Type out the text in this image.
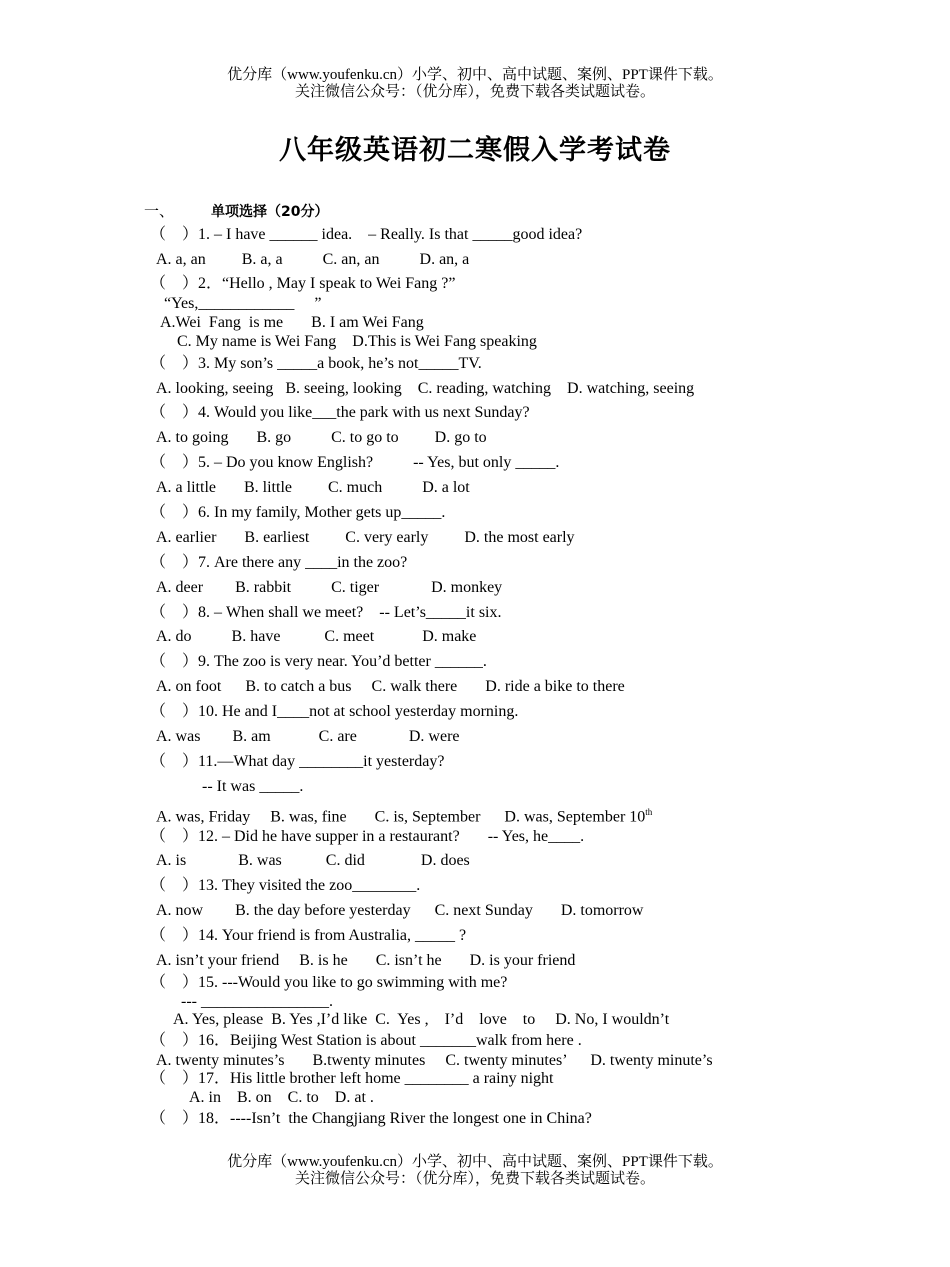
优分库（www.youfenku.cn）小学、初中、高中试题、案例、PPT课件下载。
关注微信公众号：（优分库），免费下载各类试题试卷。
八年级英语初二寒假入学考试卷
一、	单项选择（20分）
（    ）1. – I have ______ idea.    – Really. Is that _____good idea?
A. a, an         B. a, a          C. an, an          D. an, a
（    ）2．“Hello , May I speak to Wei Fang ?”
“Yes,____________     ”
A.Wei  Fang  is me       B. I am Wei Fang
C. My name is Wei Fang    D.This is Wei Fang speaking
（    ）3. My son’s _____a book, he’s not_____TV.
A. looking, seeing   B. seeing, looking    C. reading, watching    D. watching, seeing
（    ）4. Would you like___the park with us next Sunday?
A. to going       B. go          C. to go to         D. go to
（    ）5. – Do you know English?          -- Yes, but only _____.
A. a little       B. little         C. much          D. a lot
（    ）6. In my family, Mother gets up_____.
A. earlier       B. earliest         C. very early         D. the most early
（    ）7. Are there any ____in the zoo?
A. deer        B. rabbit          C. tiger             D. monkey
（    ）8. – When shall we meet?    -- Let’s_____it six.
A. do          B. have           C. meet            D. make
（    ）9. The zoo is very near. You’d better ______.
A. on foot      B. to catch a bus     C. walk there       D. ride a bike to there
（    ）10. He and I____not at school yesterday morning.
A. was        B. am            C. are             D. were
（    ）11.—What day ________it yesterday?
-- It was _____.
A. was, Friday     B. was, fine       C. is, September      D. was, September 10th
（    ）12. – Did he have supper in a restaurant?       -- Yes, he____.
A. is             B. was           C. did              D. does
（    ）13. They visited the zoo________.
A. now        B. the day before yesterday      C. next Sunday       D. tomorrow
（    ）14. Your friend is from Australia, _____ ?
A. isn’t your friend     B. is he       C. isn’t he       D. is your friend
（    ）15. ---Would you like to go swimming with me?
--- ________________.
A. Yes, please  B. Yes ,I’d like  C.  Yes ,    I’d    love    to     D. No, I wouldn’t
（    ）16．Beijing West Station is about _______walk from here .
A. twenty minutes’s       B.twenty minutes     C. twenty minutes’      D. twenty minute’s
（    ）17．His little brother left home ________ a rainy night
A. in    B. on    C. to    D. at .
（    ）18．----Isn’t  the Changjiang River the longest one in China?
优分库（www.youfenku.cn）小学、初中、高中试题、案例、PPT课件下载。
关注微信公众号：（优分库），免费下载各类试题试卷。
